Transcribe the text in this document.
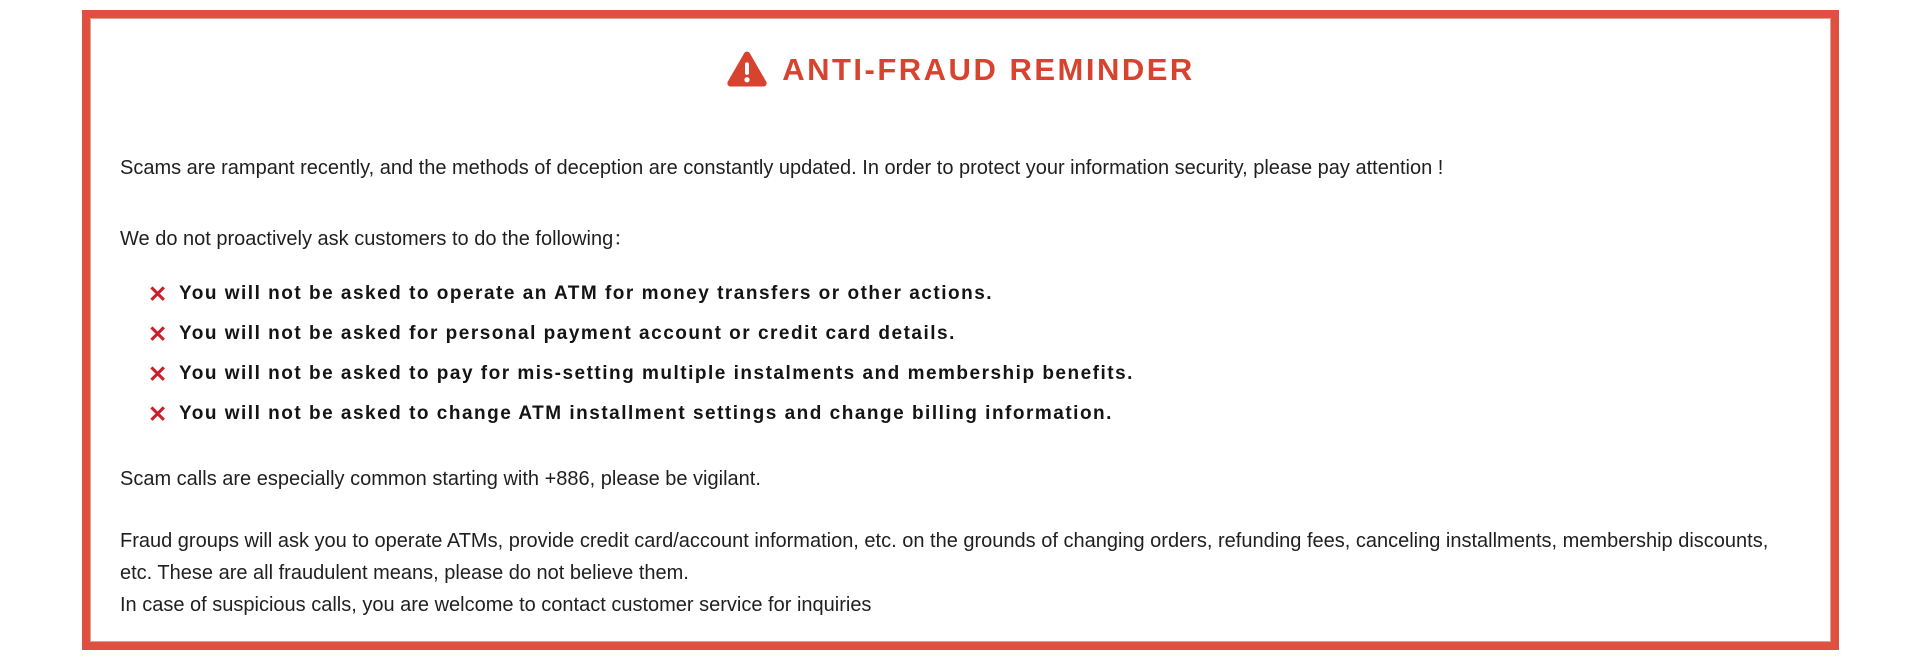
ANTI-FRAUD REMINDER

Scams are rampant recently, and the methods of deception are constantly updated. In order to protect your information security, please pay attention !

We do not proactively ask customers to do the following：

✕ You will not be asked to operate an ATM for money transfers or other actions.
✕ You will not be asked for personal payment account or credit card details.
✕ You will not be asked to pay for mis-setting multiple instalments and membership benefits.
✕ You will not be asked to change ATM installment settings and change billing information.

Scam calls are especially common starting with +886, please be vigilant.

Fraud groups will ask you to operate ATMs, provide credit card/account information, etc. on the grounds of changing orders, refunding fees, canceling installments, membership discounts, etc. These are all fraudulent means, please do not believe them.

In case of suspicious calls, you are welcome to contact customer service for inquiries
